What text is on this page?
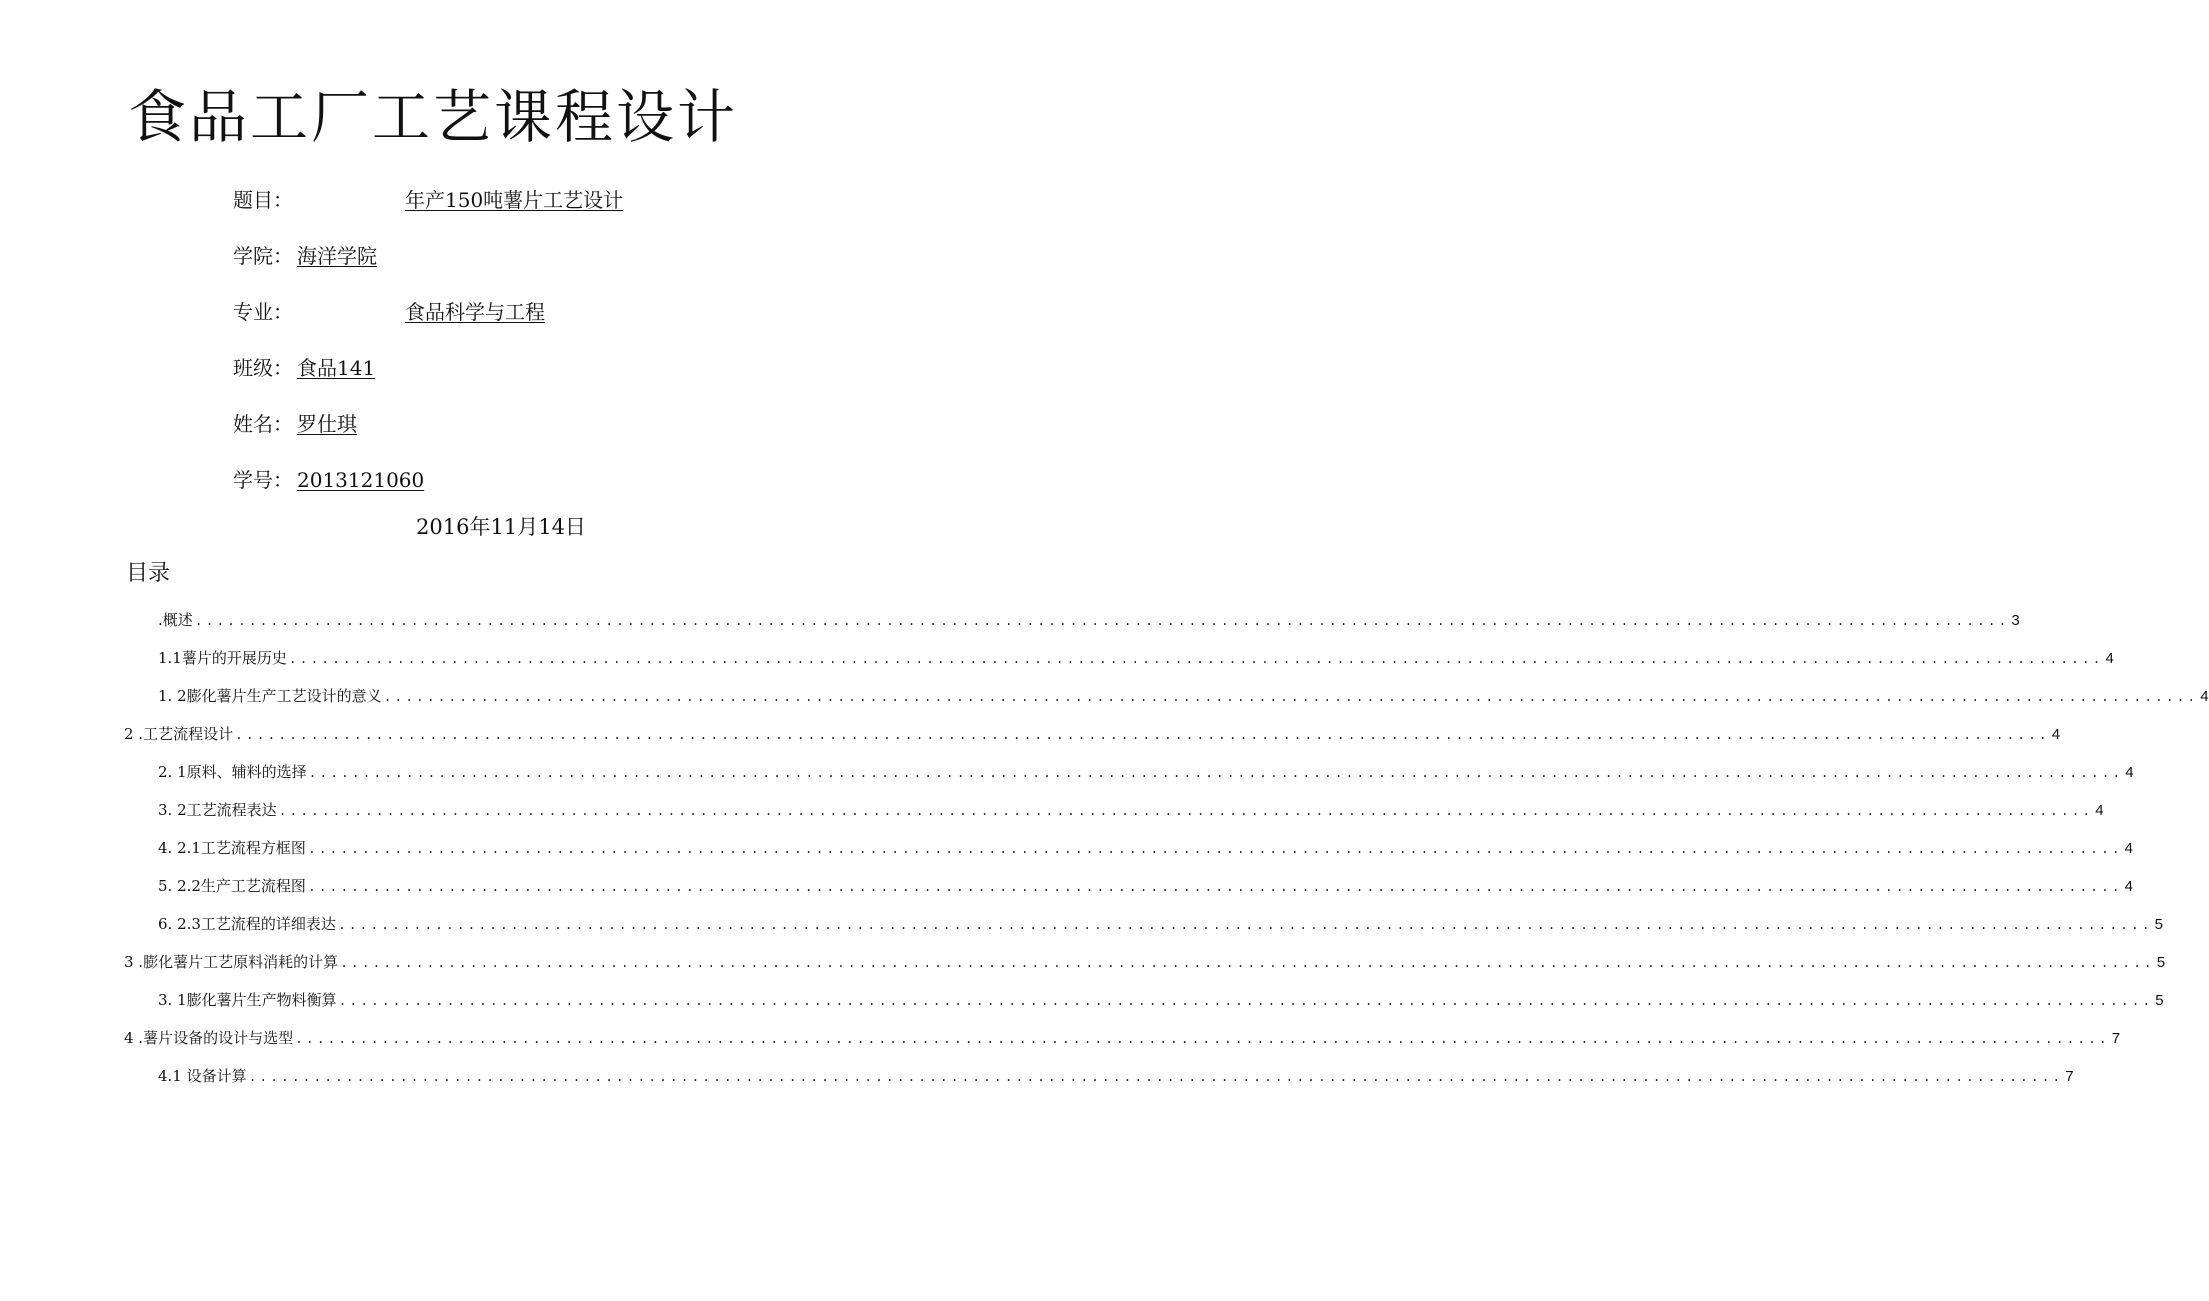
食品工厂工艺课程设计
题目：	年产150吨薯片工艺设计
学院： 海洋学院
专业：	食品科学与工程
班级： 食品141
姓名： 罗仕琪
学号： 2013121060
2016年11月14日
目录
.概述 ........................................................................................................................................................................ 3
1.1薯片的开展历史 ........................................................................................................................................................................ 4
1. 2膨化薯片生产工艺设计的意义 ........................................................................................................................................................................ 4
2 .工艺流程设计 ........................................................................................................................................................................ 4
2. 1原料、辅料的选择 ........................................................................................................................................................................ 4
3. 2工艺流程表达 ........................................................................................................................................................................ 4
4. 2.1工艺流程方框图 ........................................................................................................................................................................ 4
5. 2.2生产工艺流程图 ........................................................................................................................................................................ 4
6. 2.3工艺流程的详细表达 ........................................................................................................................................................................ 5
3 .膨化薯片工艺原料消耗的计算 ........................................................................................................................................................................ 5
3. 1膨化薯片生产物料衡算 ........................................................................................................................................................................ 5
4 .薯片设备的设计与选型 ........................................................................................................................................................................ 7
4.1 设备计算 ........................................................................................................................................................................ 7
